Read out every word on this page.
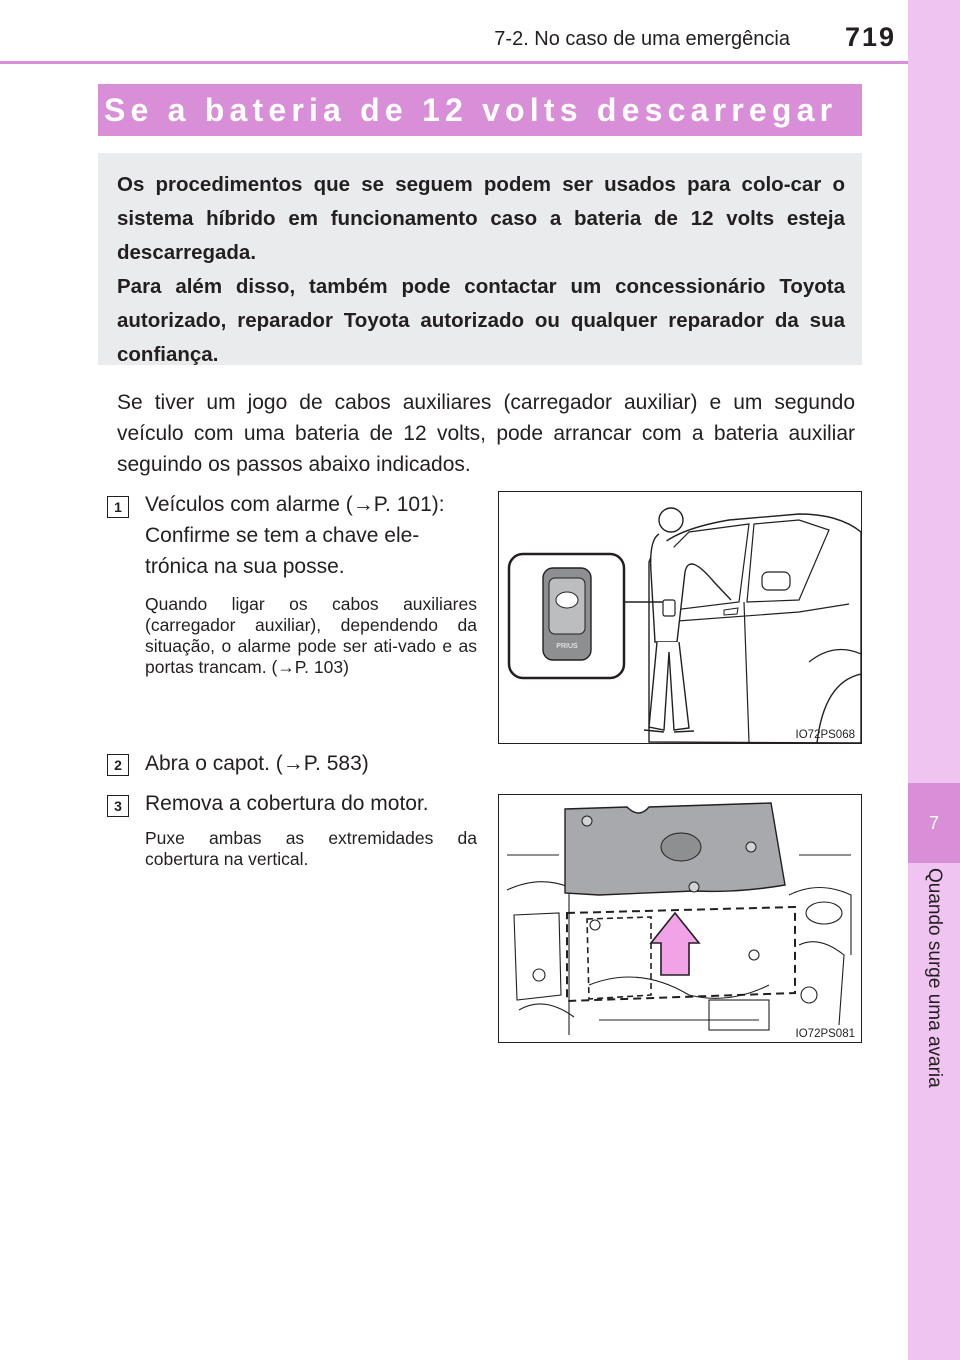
7
Quando surge uma avaria
7-2. No caso de uma emergência	719
Se a bateria de 12 volts descarregar

Os procedimentos que se seguem podem ser usados para colo-car o sistema híbrido em funcionamento caso a bateria de 12 volts esteja descarregada.

Para além disso, também pode contactar um concessionário Toyota autorizado, reparador Toyota autorizado ou qualquer reparador da sua confiança.

Se tiver um jogo de cabos auxiliares (carregador auxiliar) e um segundo veículo com uma bateria de 12 volts, pode arrancar com a bateria auxiliar seguindo os passos abaixo indicados.
1	Veículos com alarme (→P. 101): Confirme se tem a chave ele-trónica na sua posse.
Quando ligar os cabos auxiliares (carregador auxiliar), dependendo da situação, o alarme pode ser ati-vado e as portas trancam. (→P. 103)
PRIUS
IO72PS068
2	Abra o capot. (→P. 583)
3	Remova a cobertura do motor.
Puxe ambas as extremidades da cobertura na vertical.
IO72PS081
